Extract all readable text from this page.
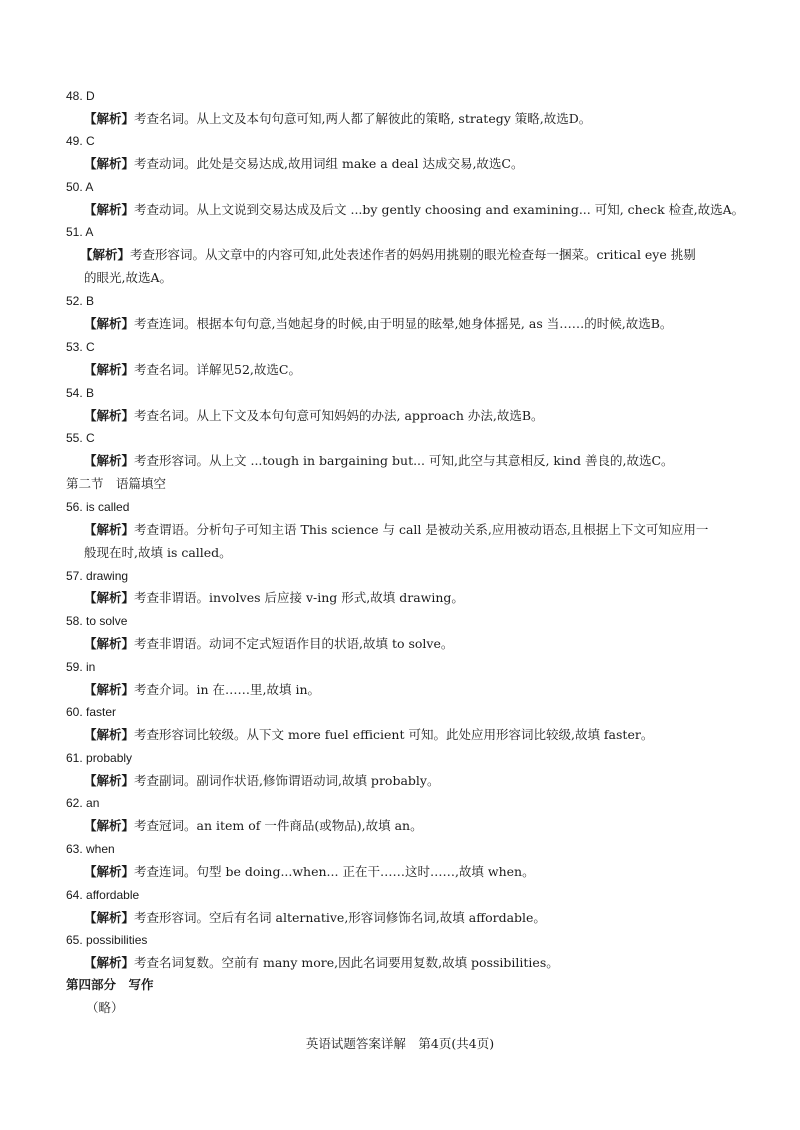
48. D
【解析】考查名词。从上文及本句句意可知,两人都了解彼此的策略, strategy 策略,故选D。
49. C
【解析】考查动词。此处是交易达成,故用词组 make a deal 达成交易,故选C。
50. A
【解析】考查动词。从上文说到交易达成及后文 ...by gently choosing and examining... 可知, check 检查,故选A。
51. A
【解析】考查形容词。从文章中的内容可知,此处表述作者的妈妈用挑剔的眼光检查每一捆菜。critical eye 挑剔
的眼光,故选A。
52. B
【解析】考查连词。根据本句句意,当她起身的时候,由于明显的眩晕,她身体摇晃, as 当……的时候,故选B。
53. C
【解析】考查名词。详解见52,故选C。
54. B
【解析】考查名词。从上下文及本句句意可知妈妈的办法, approach 办法,故选B。
55. C
【解析】考查形容词。从上文 ...tough in bargaining but... 可知,此空与其意相反, kind 善良的,故选C。
第二节　语篇填空
56. is called
【解析】考查谓语。分析句子可知主语 This science 与 call 是被动关系,应用被动语态,且根据上下文可知应用一
般现在时,故填 is called。
57. drawing
【解析】考查非谓语。involves 后应接 v-ing 形式,故填 drawing。
58. to solve
【解析】考查非谓语。动词不定式短语作目的状语,故填 to solve。
59. in
【解析】考查介词。in 在……里,故填 in。
60. faster
【解析】考查形容词比较级。从下文 more fuel efficient 可知。此处应用形容词比较级,故填 faster。
61. probably
【解析】考查副词。副词作状语,修饰谓语动词,故填 probably。
62. an
【解析】考查冠词。an item of 一件商品(或物品),故填 an。
63. when
【解析】考查连词。句型 be doing...when... 正在干……这时……,故填 when。
64. affordable
【解析】考查形容词。空后有名词 alternative,形容词修饰名词,故填 affordable。
65. possibilities
【解析】考查名词复数。空前有 many more,因此名词要用复数,故填 possibilities。
第四部分　写作
（略）
英语试题答案详解　第4页(共4页)
